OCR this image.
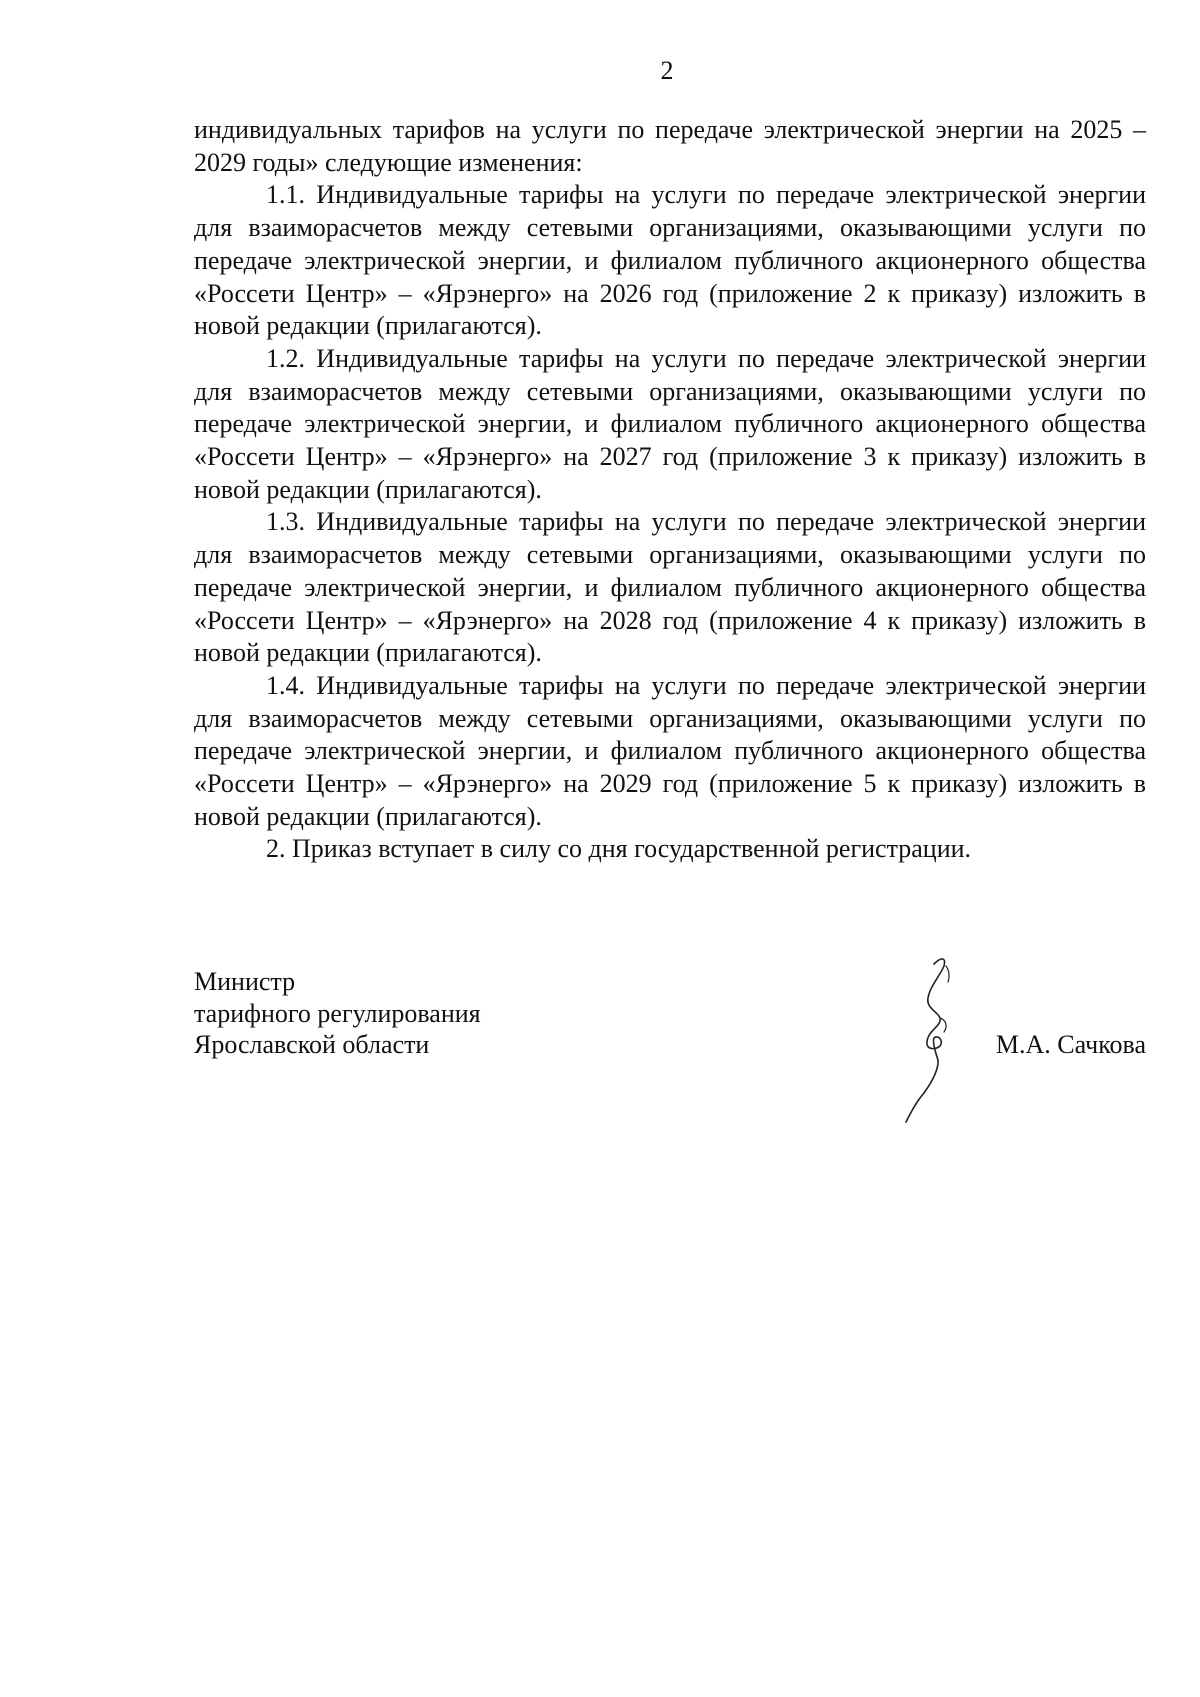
2

индивидуальных тарифов на услуги по передаче электрической энергии на 2025 – 2029 годы» следующие изменения:

1.1. Индивидуальные тарифы на услуги по передаче электрической энергии для взаиморасчетов между сетевыми организациями, оказывающими услуги по передаче электрической энергии, и филиалом публичного акционерного общества «Россети Центр» – «Ярэнерго» на 2026 год (приложение 2 к приказу) изложить в новой редакции (прилагаются).

1.2. Индивидуальные тарифы на услуги по передаче электрической энергии для взаиморасчетов между сетевыми организациями, оказывающими услуги по передаче электрической энергии, и филиалом публичного акционерного общества «Россети Центр» – «Ярэнерго» на 2027 год (приложение 3 к приказу) изложить в новой редакции (прилагаются).

1.3. Индивидуальные тарифы на услуги по передаче электрической энергии для взаиморасчетов между сетевыми организациями, оказывающими услуги по передаче электрической энергии, и филиалом публичного акционерного общества «Россети Центр» – «Ярэнерго» на 2028 год (приложение 4 к приказу) изложить в новой редакции (прилагаются).

1.4. Индивидуальные тарифы на услуги по передаче электрической энергии для взаиморасчетов между сетевыми организациями, оказывающими услуги по передаче электрической энергии, и филиалом публичного акционерного общества «Россети Центр» – «Ярэнерго» на 2029 год (приложение 5 к приказу) изложить в новой редакции (прилагаются).

2. Приказ вступает в силу со дня государственной регистрации.

Министр
тарифного регулирования
Ярославской области	М.А. Сачкова
